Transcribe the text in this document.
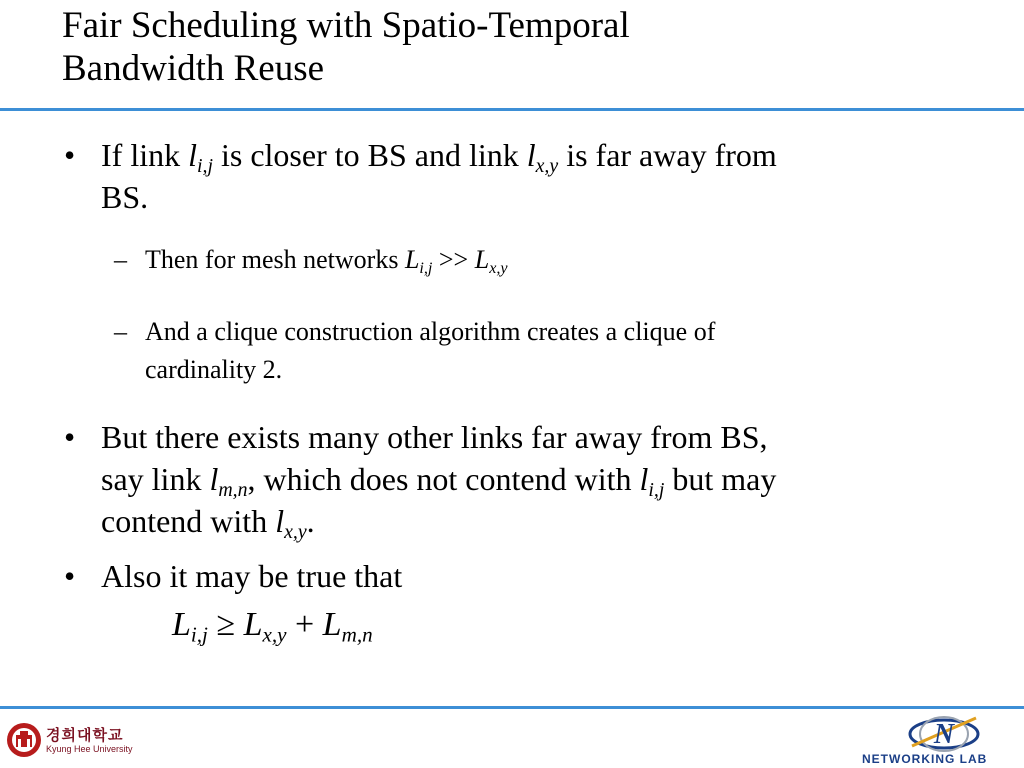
Fair Scheduling with Spatio-Temporal
Bandwidth Reuse
• If link $l_{i,j}$ is closer to BS and link $l_{x,y}$ is far away from
BS.
– Then for mesh networks $L_{i,j} >> L_{x,y}$
– And a clique construction algorithm creates a clique of
cardinality 2.
• But there exists many other links far away from BS,
say link $l_{m,n}$, which does not contend with $l_{i,j}$ but may
contend with $l_{x,y}$.
• Also it may be true that
$L_{i,j} \ge L_{x,y} + L_{m,n}$
경희대학교
Kyung Hee University	N
NETWORKING LAB
